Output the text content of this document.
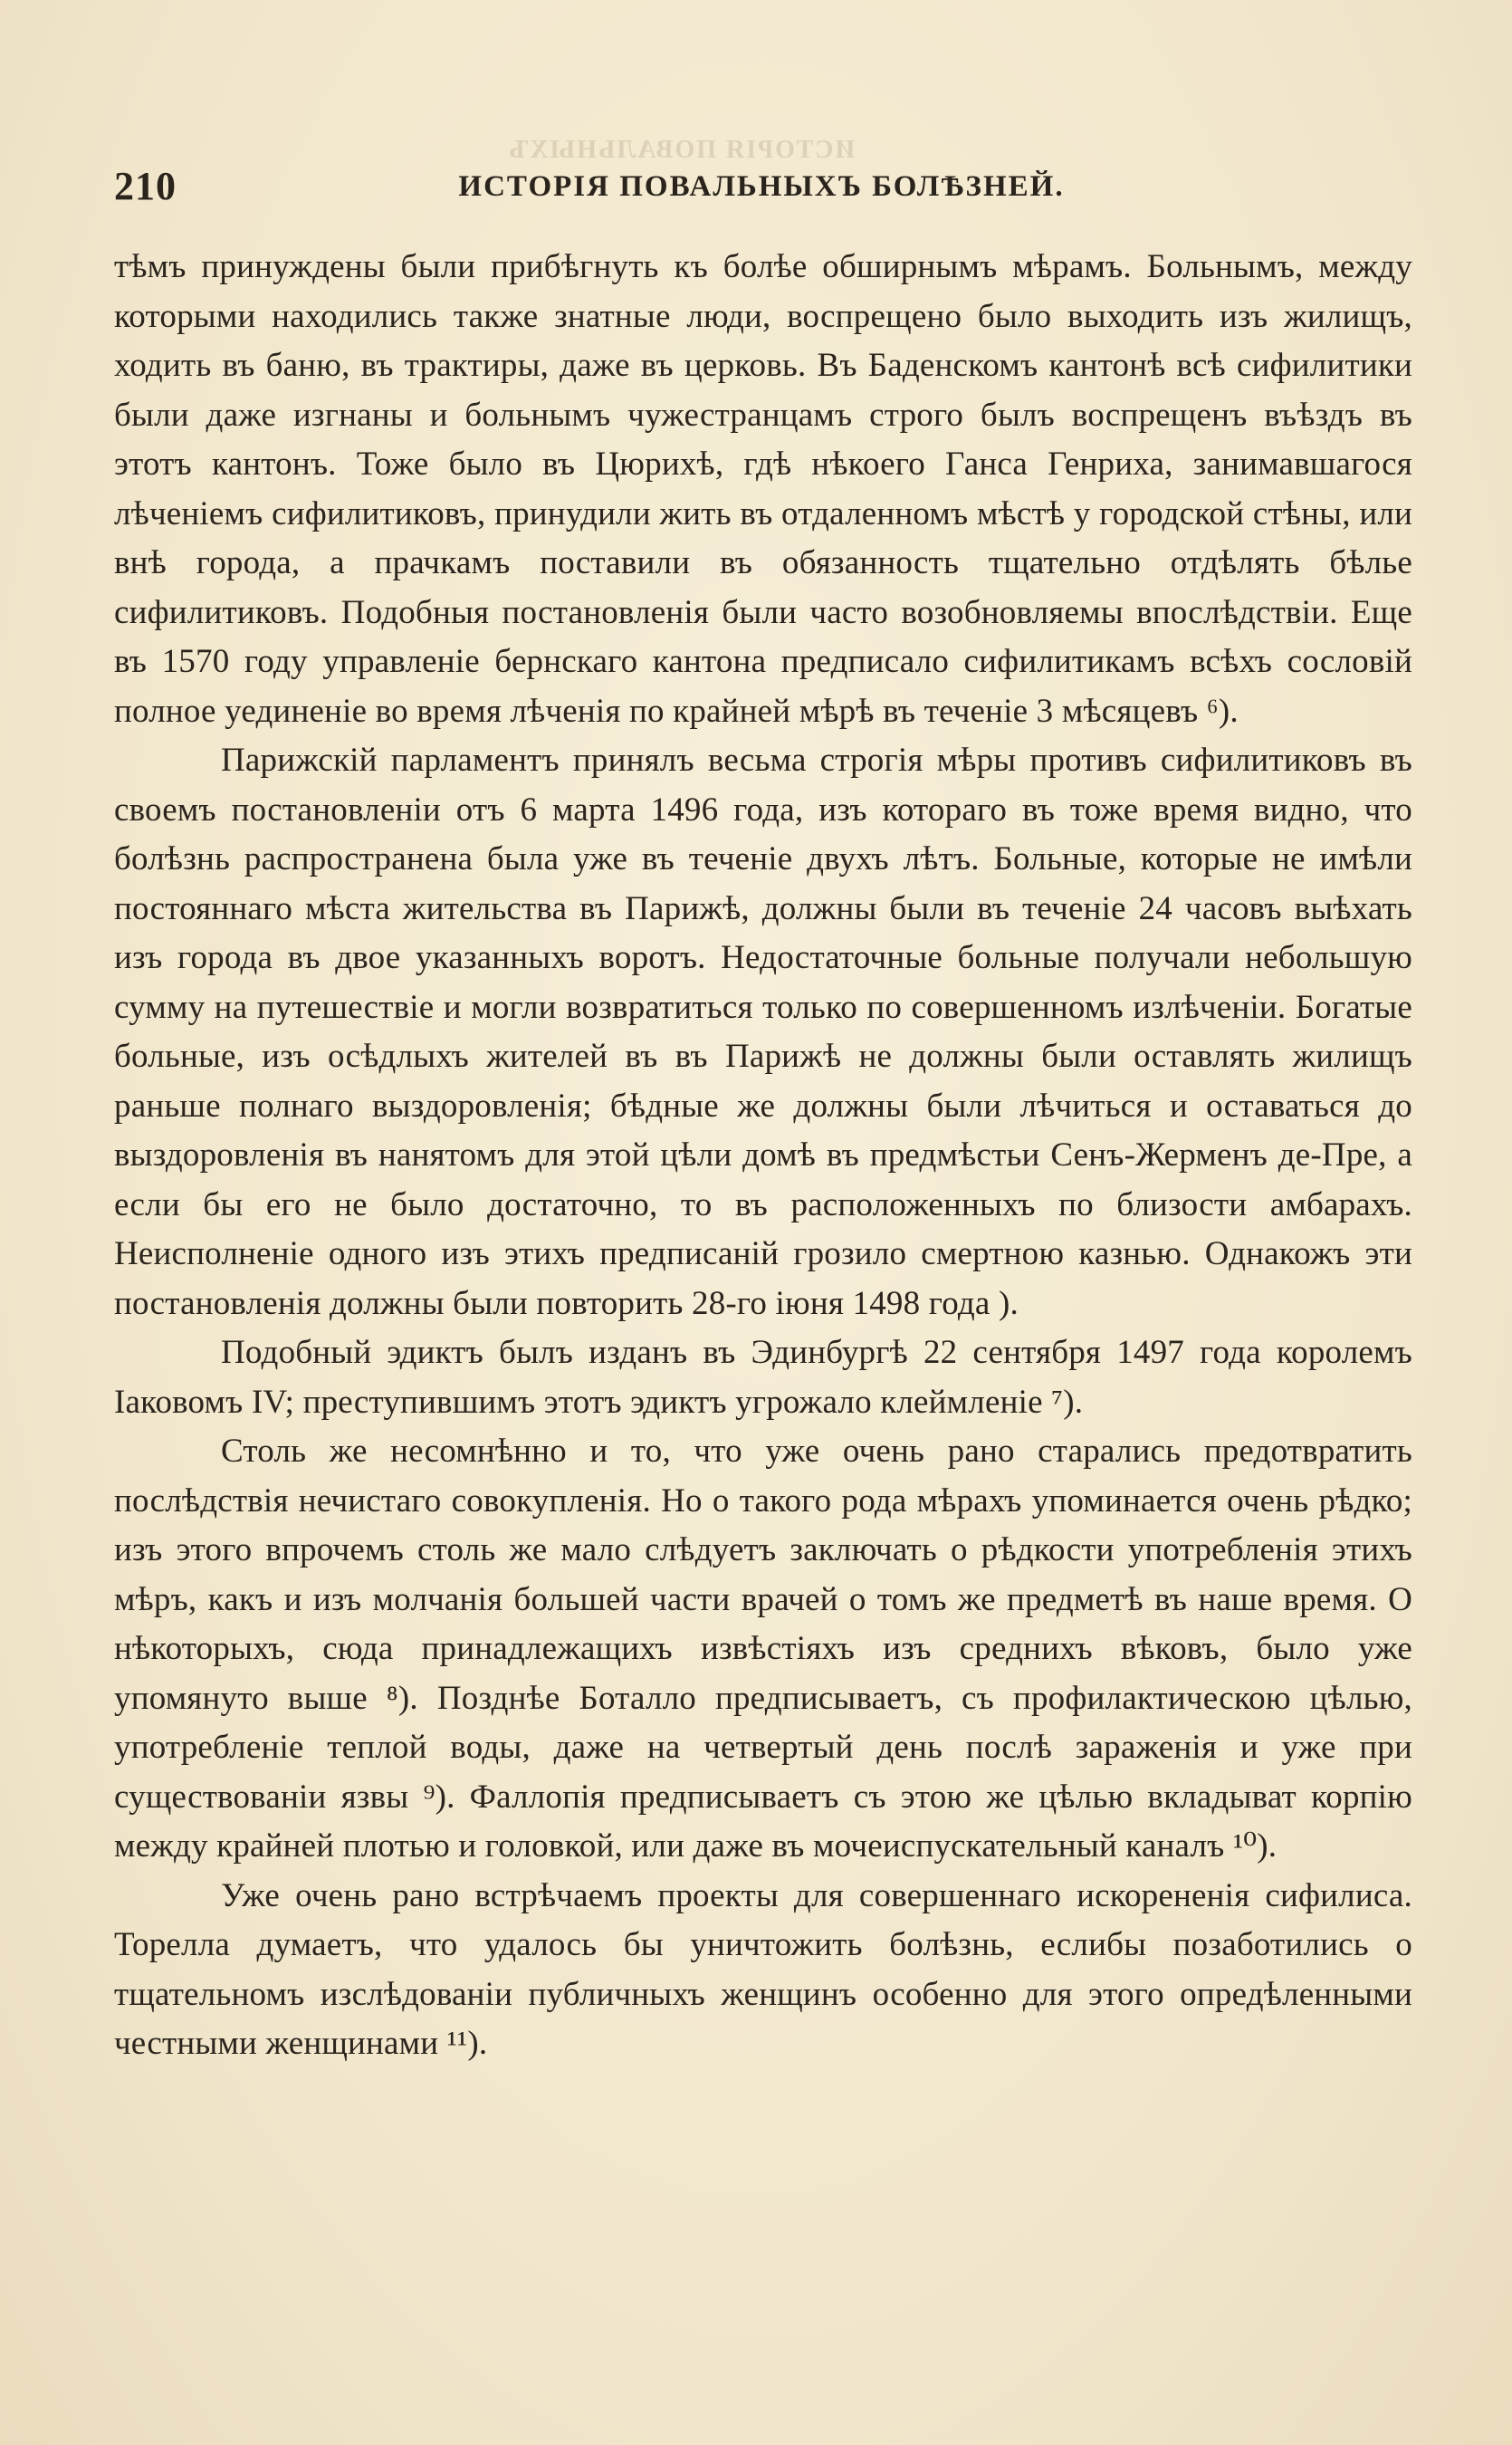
ИСТОРІЯ ПОВАЛЬНЫХЪ
210	ИСТОРІЯ ПОВАЛЬНЫХЪ БОЛѢЗНЕЙ.

тѣмъ принуждены были прибѣгнуть къ болѣе обширнымъ мѣрамъ. Больнымъ, между которыми находились также знатные люди, воспрещено было выходить изъ жилищъ, ходить въ баню, въ трактиры, даже въ церковь. Въ Баденскомъ кантонѣ всѣ сифилитики были даже изгнаны и больнымъ чужестранцамъ строго былъ воспрещенъ въѣздъ въ этотъ кантонъ. Тоже было въ Цюрихѣ, гдѣ нѣкоего Ганса Генриха, занимавшагося лѣченіемъ сифилитиковъ, принудили жить въ отдаленномъ мѣстѣ у городской стѣны, или внѣ города, а прачкамъ поставили въ обязанность тщательно отдѣлять бѣлье сифилитиковъ. Подобныя постановленія были часто возобновляемы впослѣдствіи. Еще въ 1570 году управленіе бернскаго кантона предписало сифилитикамъ всѣхъ сословій полное уединеніе во время лѣченія по крайней мѣрѣ въ теченіе 3 мѣсяцевъ ⁶).

Парижскій парламентъ принялъ весьма строгія мѣры противъ сифилитиковъ въ своемъ постановленіи отъ 6 марта 1496 года, изъ котораго въ тоже время видно, что болѣзнь распространена была уже въ теченіе двухъ лѣтъ. Больные, которые не имѣли постояннаго мѣста жительства въ Парижѣ, должны были въ теченіе 24 часовъ выѣхать изъ города въ двое указанныхъ воротъ. Недостаточные больные получали небольшую сумму на путешествіе и могли возвратиться только по совершенномъ излѣченіи. Богатые больные, изъ осѣдлыхъ жителей въ въ Парижѣ не должны были оставлять жилищъ раньше полнаго выздоровленія; бѣдные же должны были лѣчиться и оставаться до выздоровленія въ нанятомъ для этой цѣли домѣ въ предмѣстьи Сенъ-Жерменъ де-Пре, а если бы его не было достаточно, то въ расположенныхъ по близости амбарахъ. Неисполненіе одного изъ этихъ предписаній грозило смертною казнью. Однакожъ эти постановленія должны были повторить 28-го іюня 1498 года ).

Подобный эдиктъ былъ изданъ въ Эдинбургѣ 22 сентября 1497 года королемъ Іаковомъ IV; преступившимъ этотъ эдиктъ угрожало клеймленіе ⁷).

Столь же несомнѣнно и то, что уже очень рано старались предотвратить послѣдствія нечистаго совокупленія. Но о такого рода мѣрахъ упоминается очень рѣдко; изъ этого впрочемъ столь же мало слѣдуетъ заключать о рѣдкости употребленія этихъ мѣръ, какъ и изъ молчанія большей части врачей о томъ же предметѣ въ наше время. О нѣкоторыхъ, сюда принадлежащихъ извѣстіяхъ изъ среднихъ вѣковъ, было уже упомянуто выше ⁸). Позднѣе Боталло предписываетъ, съ профилактическою цѣлью, употребленіе теплой воды, даже на четвертый день послѣ зараженія и уже при существованіи язвы ⁹). Фаллопія предписываетъ съ этою же цѣлью вкладыват корпію между крайней плотью и головкой, или даже въ мочеиспускательный каналъ ¹⁰).

Уже очень рано встрѣчаемъ проекты для совершеннаго искорененія сифилиса. Торелла думаетъ, что удалось бы уничтожить болѣзнь, еслибы позаботились о тщательномъ изслѣдованіи публичныхъ женщинъ особенно для этого опредѣленными честными женщинами ¹¹).
